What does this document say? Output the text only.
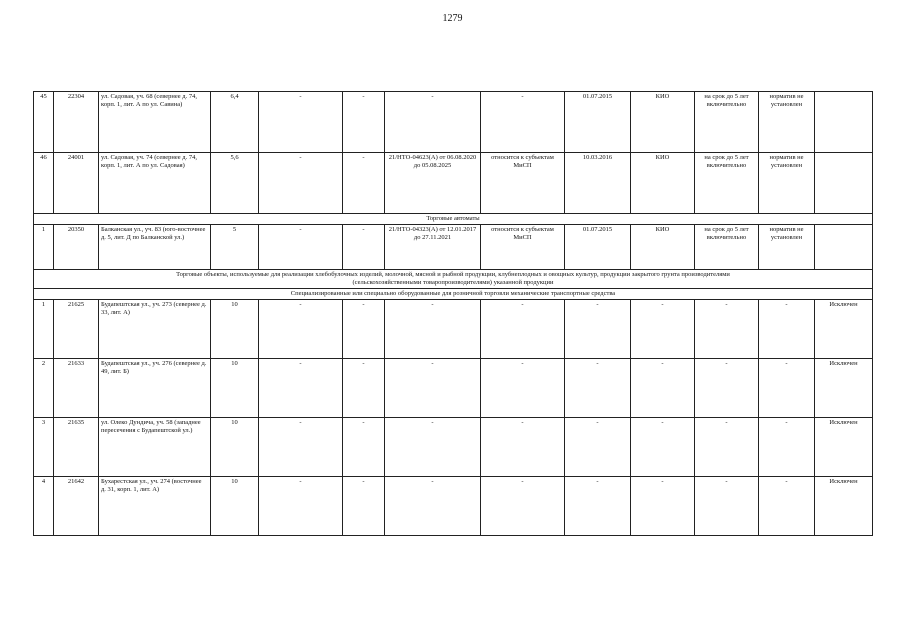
1279
45	22304	ул. Садовая, уч. 68 (севернее д. 74, корп. 1, лит. А по ул. Савина)	6,4	-	-	-	-	01.07.2015	КИО	на срок до 5 лет включительно	норматив не установлен	
46	24001	ул. Садовая, уч. 74 (севернее д. 74, корп. 1, лит. А по ул. Садовая)	5,6	-	-	21/НТО-04623(А) от 06.08.2020 до 05.08.2025	относится к субъектам МиСП	10.03.2016	КИО	на срок до 5 лет включительно	норматив не установлен	
Торговые автоматы												
1	20350	Балканская ул., уч. 83 (юго-восточнее д. 5, лит. Д по Балканской ул.)	5	-	-	21/НТО-04323(А) от 12.01.2017 до 27.11.2021	относится к субъектам МиСП	01.07.2015	КИО	на срок до 5 лет включительно	норматив не установлен	
Торговые объекты, используемые для реализации хлебобулочных изделий, молочной, мясной и рыбной продукции, клубнеплодных и овощных культур, продукции закрытого грунта производителями (сельскохозяйственными товаропроизводителями) указанной продукции												
Специализированные или специально оборудованные для розничной торговли механические транспортные средства												
1	21625	Будапештская ул., уч. 273 (севернее д. 33, лит. А)	10	-	-	-	-	-	-	-	-	Исключен
2	21633	Будапештская ул., уч. 276 (севернее д. 49, лит. Б)	10	-	-	-	-	-	-	-	-	Исключен
3	21635	ул. Олеко Дундича, уч. 58 (западнее пересечения с Будапештской ул.)	10	-	-	-	-	-	-	-	-	Исключен
4	21642	Бухарестская ул., уч. 274 (восточнее д. 31, корп. 1, лит. А)	10	-	-	-	-	-	-	-	-	Исключен
